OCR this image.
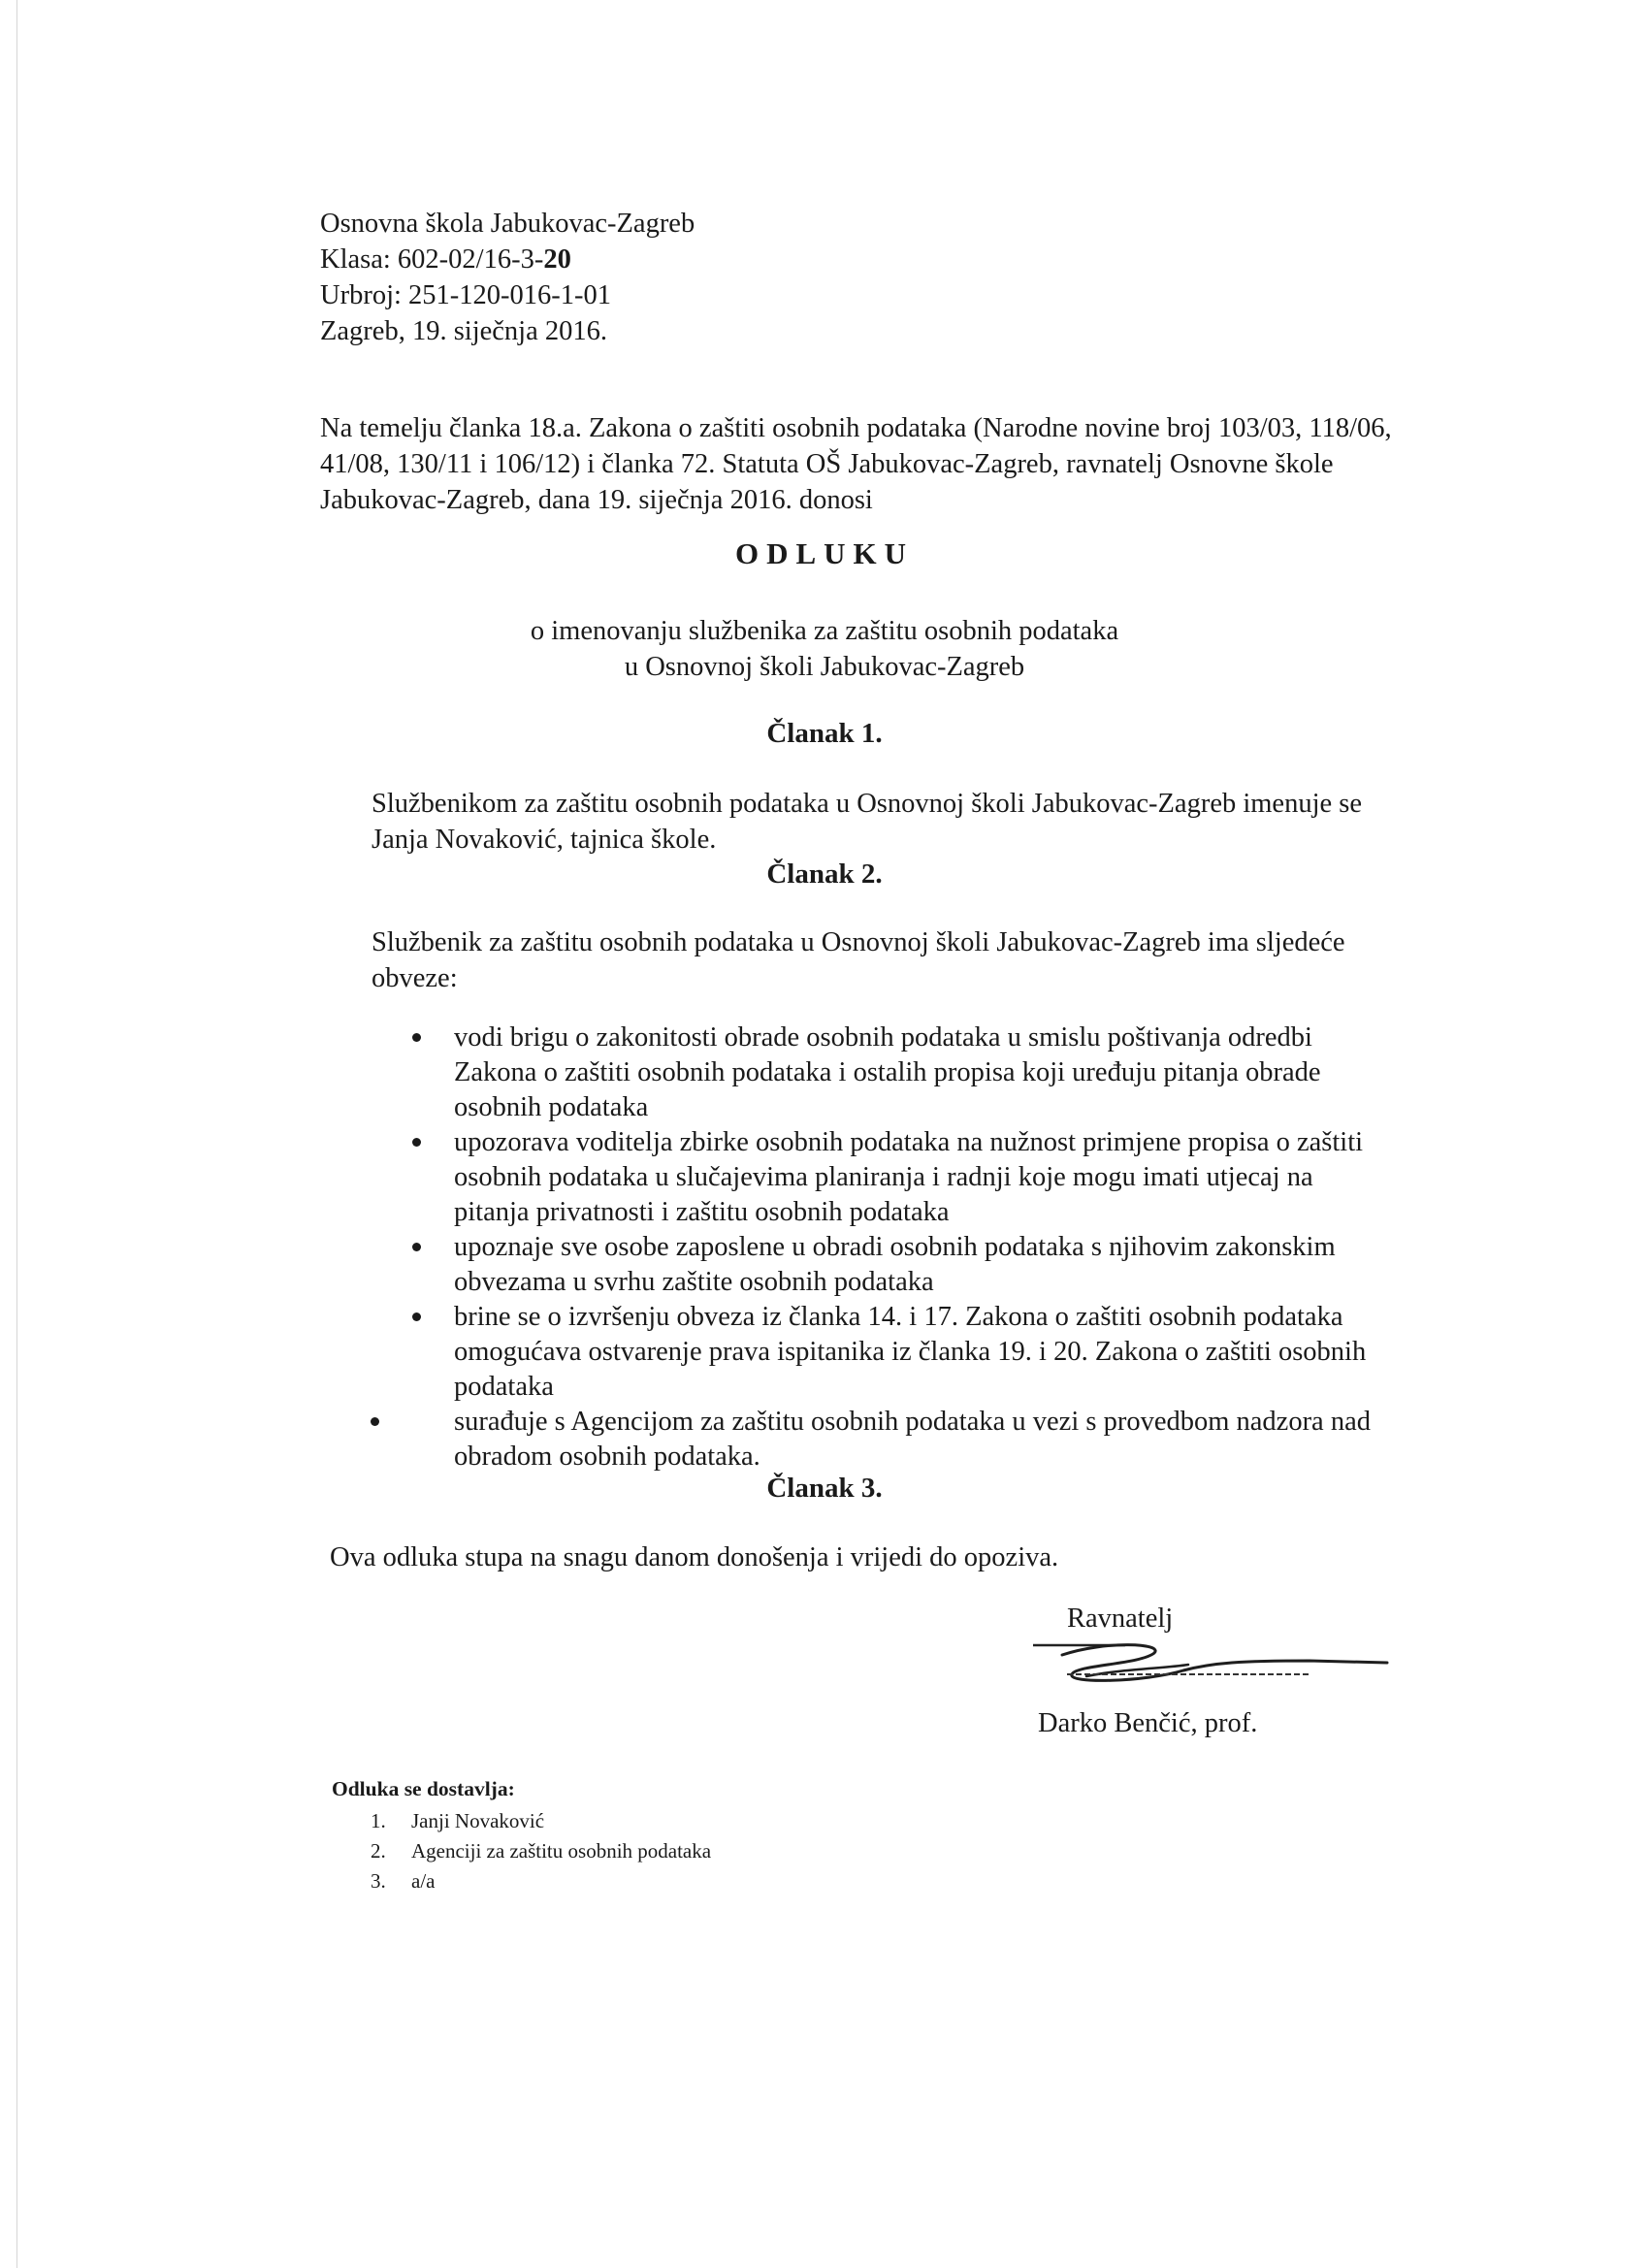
Osnovna škola Jabukovac-Zagreb
Klasa: 602-02/16-3-20
Urbroj: 251-120-016-1-01
Zagreb, 19. siječnja 2016.
Na temelju članka 18.a. Zakona o zaštiti osobnih podataka (Narodne novine broj 103/03, 118/06,
41/08, 130/11 i 106/12) i članka 72. Statuta OŠ Jabukovac-Zagreb, ravnatelj Osnovne škole
Jabukovac-Zagreb, dana 19. siječnja 2016. donosi
ODLUKU
o imenovanju službenika za zaštitu osobnih podataka
u Osnovnoj školi Jabukovac-Zagreb
Članak 1.
Službenikom za zaštitu osobnih podataka u Osnovnoj školi Jabukovac-Zagreb imenuje se
Janja Novaković, tajnica škole.
Članak 2.
Službenik za zaštitu osobnih podataka u Osnovnoj školi Jabukovac-Zagreb ima sljedeće
obveze:
vodi brigu o zakonitosti obrade osobnih podataka u smislu poštivanja odredbi
Zakona o zaštiti osobnih podataka i ostalih propisa koji uređuju pitanja obrade
osobnih podataka
upozorava voditelja zbirke osobnih podataka na nužnost primjene propisa o zaštiti
osobnih podataka u slučajevima planiranja i radnji koje mogu imati utjecaj na
pitanja privatnosti i zaštitu osobnih podataka
upoznaje sve osobe zaposlene u obradi osobnih podataka s njihovim zakonskim
obvezama u svrhu zaštite osobnih podataka
brine se o izvršenju obveza iz članka 14. i 17. Zakona o zaštiti osobnih podataka
omogućava ostvarenje prava ispitanika iz članka 19. i 20. Zakona o zaštiti osobnih
podataka
surađuje s Agencijom za zaštitu osobnih podataka u vezi s provedbom nadzora nad
obradom osobnih podataka.
Članak 3.
Ova odluka stupa na snagu danom donošenja i vrijedi do opoziva.
Ravnatelj
Darko Benčić, prof.
Odluka se dostavlja:
1. Janji Novaković
2. Agenciji za zaštitu osobnih podataka
3. a/a
